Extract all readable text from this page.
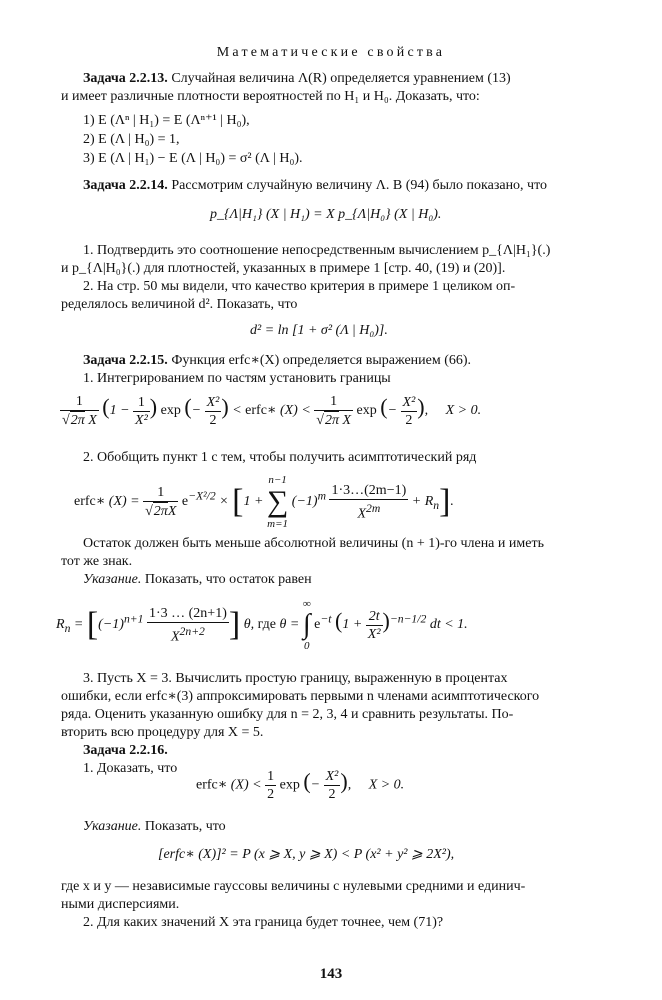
Математические свойства
Задача 2.2.13. Случайная величина Λ(R) определяется уравнением (13)
и имеет различные плотности вероятностей по H₁ и H₀. Доказать, что:
1) E (Λⁿ | H₁) = E (Λⁿ⁺¹ | H₀),
2) E (Λ | H₀) = 1,
3) E (Λ | H₁) − E (Λ | H₀) = σ² (Λ | H₀).
Задача 2.2.14. Рассмотрим случайную величину Λ. В (94) было показано, что
p_{Λ|H₁} (X | H₁) = X p_{Λ|H₀} (X | H₀).
1. Подтвердить это соотношение непосредственным вычислением p_{Λ|H₁}(.)
и p_{Λ|H₀}(.) для плотностей, указанных в примере 1 [стр. 40, (19) и (20)].
2. На стр. 50 мы видели, что качество критерия в примере 1 целиком оп-
ределялось величиной d². Показать, что
d² = ln [1 + σ² (Λ | H₀)].
Задача 2.2.15. Функция erfc∗(X) определяется выражением (66).
1. Интегрированием по частям установить границы
$\frac{1}{\text{√2π X}} (1 - \frac{1}{\text{X²}}$ ) exp (− $\frac{\text{X²}}{2}$ ) < erfc∗ $(X) < \frac{1}{\text{√2π X}}$ exp (− $\frac{\text{X²}}{2}$ ),     X > 0.
2. Обобщить пункт 1 с тем, чтобы получить асимптотический ряд
erfc∗ $(X) = \frac{1}{√2\pi X} e^{-X^2/2} \times [1 + n-1$
∑
m=1 $(-1)^m \frac{1\cdot 3\dots(2m-1)}{X^{2m}} + R_n$].
Остаток должен быть меньше абсолютной величины (n + 1)-го члена и иметь
тот же знак.
Указание. Показать, что остаток равен
$R_n = [(-1)^{n+1} \frac{1\cdot 3 \dots (2n+1)}{X^{2n+2}}$ ] θ, где θ = ∞
∫
0 $e^{-t}$ $(1 + \frac{2t}{\text{X²}} )^{-n-1/2}$ dt < 1.
3. Пусть X = 3. Вычислить простую границу, выраженную в процентах
ошибки, если erfc∗(3) аппроксимировать первыми n членами асимптотического
ряда. Оценить указанную ошибку для n = 2, 3, 4 и сравнить результаты. По-
вторить всю процедуру для X = 5.
Задача 2.2.16.
1. Доказать, что
erfc∗ $(X) < \frac{1}{2}$ exp (− $\frac{\text{X²}}{2}$ ),     X > 0.
Указание. Показать, что
[erfc∗ (X)]² = P (x ⩾ X, y ⩾ X) < P (x² + y² ⩾ 2X²),
где x и y — независимые гауссовы величины с нулевыми средними и единич-
ными дисперсиями.
2. Для каких значений X эта граница будет точнее, чем (71)?
143
